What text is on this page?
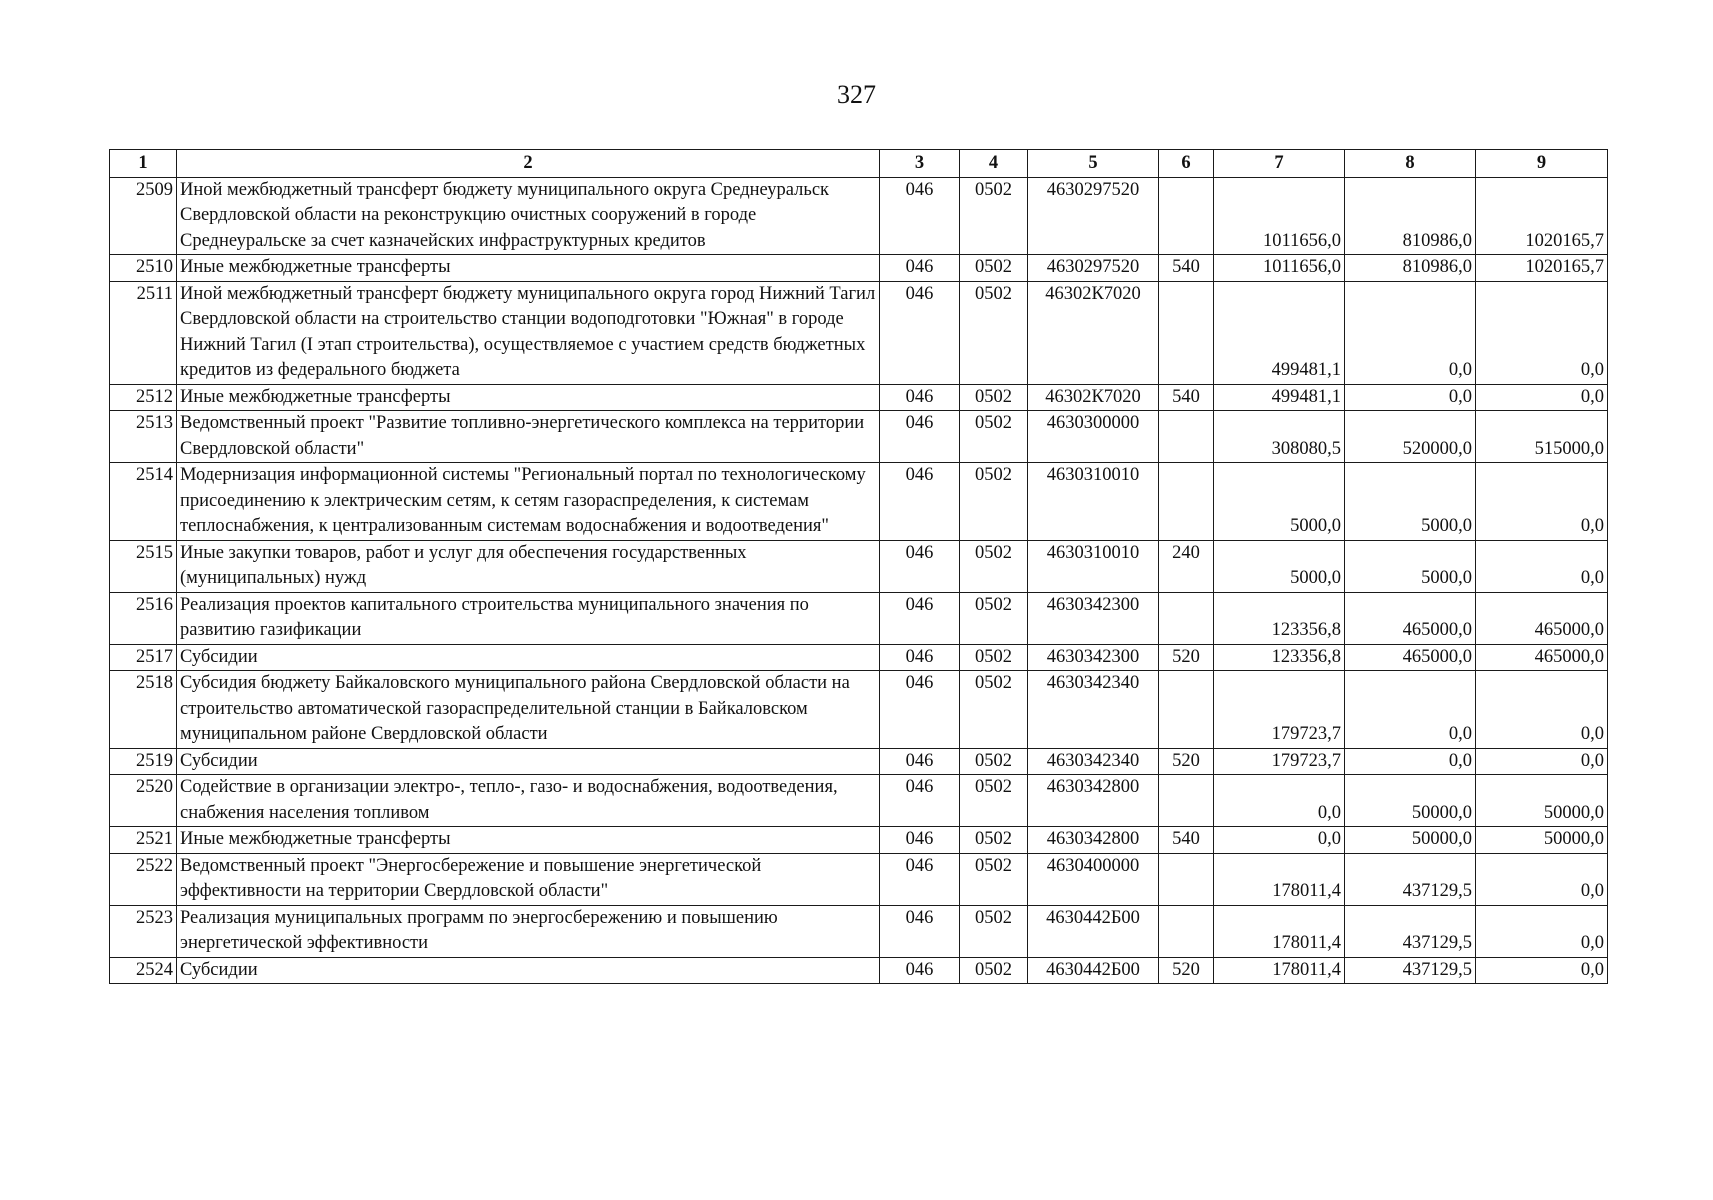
327
1	2	3	4	5	6	7	8	9
2509	Иной межбюджетный трансферт бюджету муниципального округа Среднеуральск Свердловской области на реконструкцию очистных сооружений в городе Среднеуральске за счет казначейских инфраструктурных кредитов	046	0502	4630297520		1011656,0	810986,0	1020165,7
2510	Иные межбюджетные трансферты	046	0502	4630297520	540	1011656,0	810986,0	1020165,7
2511	Иной межбюджетный трансферт бюджету муниципального округа город Нижний Тагил Свердловской области на строительство станции водоподготовки "Южная" в городе Нижний Тагил (I этап строительства), осуществляемое с участием средств бюджетных кредитов из федерального бюджета	046	0502	46302К7020		499481,1	0,0	0,0
2512	Иные межбюджетные трансферты	046	0502	46302К7020	540	499481,1	0,0	0,0
2513	Ведомственный проект "Развитие топливно-энергетического комплекса на территории Свердловской области"	046	0502	4630300000		308080,5	520000,0	515000,0
2514	Модернизация информационной системы "Региональный портал по технологическому присоединению к электрическим сетям, к сетям газораспределения, к системам теплоснабжения, к централизованным системам водоснабжения и водоотведения"	046	0502	4630310010		5000,0	5000,0	0,0
2515	Иные закупки товаров, работ и услуг для обеспечения государственных (муниципальных) нужд	046	0502	4630310010	240	5000,0	5000,0	0,0
2516	Реализация проектов капитального строительства муниципального значения по развитию газификации	046	0502	4630342300		123356,8	465000,0	465000,0
2517	Субсидии	046	0502	4630342300	520	123356,8	465000,0	465000,0
2518	Субсидия бюджету Байкаловского муниципального района Свердловской области на строительство автоматической газораспределительной станции в Байкаловском муниципальном районе Свердловской области	046	0502	4630342340		179723,7	0,0	0,0
2519	Субсидии	046	0502	4630342340	520	179723,7	0,0	0,0
2520	Содействие в организации электро-, тепло-, газо- и водоснабжения, водоотведения, снабжения населения топливом	046	0502	4630342800		0,0	50000,0	50000,0
2521	Иные межбюджетные трансферты	046	0502	4630342800	540	0,0	50000,0	50000,0
2522	Ведомственный проект "Энергосбережение и повышение энергетической эффективности на территории Свердловской области"	046	0502	4630400000		178011,4	437129,5	0,0
2523	Реализация муниципальных программ по энергосбережению и повышению энергетической эффективности	046	0502	4630442Б00		178011,4	437129,5	0,0
2524	Субсидии	046	0502	4630442Б00	520	178011,4	437129,5	0,0
